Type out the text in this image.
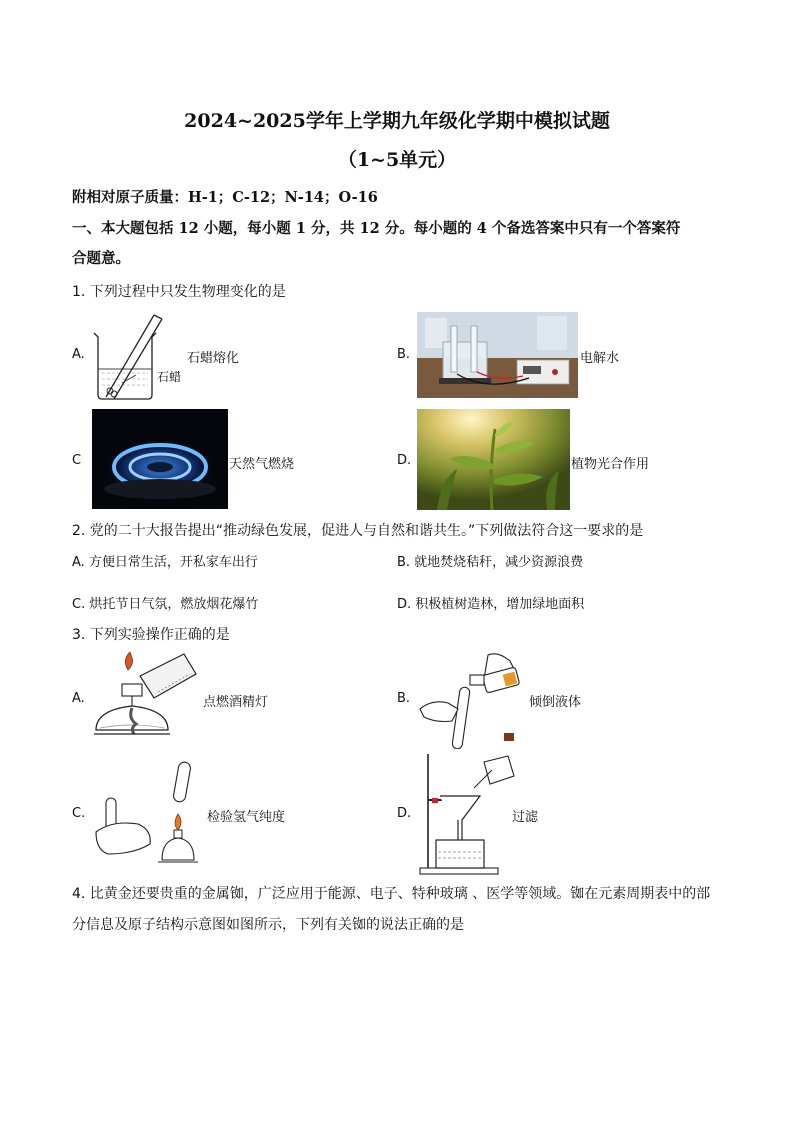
2024~2025学年上学期九年级化学期中模拟试题
（1~5单元）
附相对原子质量：H-1；C-12；N-14；O-16
一、本大题包括 12 小题，每小题 1 分，共 12 分。每小题的 4 个备选答案中只有一个答案符
合题意。
1. 下列过程中只发生物理变化的是
A.
石蜡
石蜡熔化	B.	电解水
C	天然气燃烧	D.	植物光合作用
2. 党的二十大报告提出“推动绿色发展，促进人与自然和谐共生。”下列做法符合这一要求的是
A. 方便日常生活，开私家车出行	B. 就地焚烧秸秆，减少资源浪费
C. 烘托节日气氛，燃放烟花爆竹	D. 积极植树造林，增加绿地面积
3. 下列实验操作正确的是
A.	点燃酒精灯	B.	倾倒液体
C.	检验氢气纯度	D.	过滤
4. 比黄金还要贵重的金属铷，广泛应用于能源、电子、特种玻璃 、医学等领域。铷在元素周期表中的部
分信息及原子结构示意图如图所示，下列有关铷的说法正确的是
